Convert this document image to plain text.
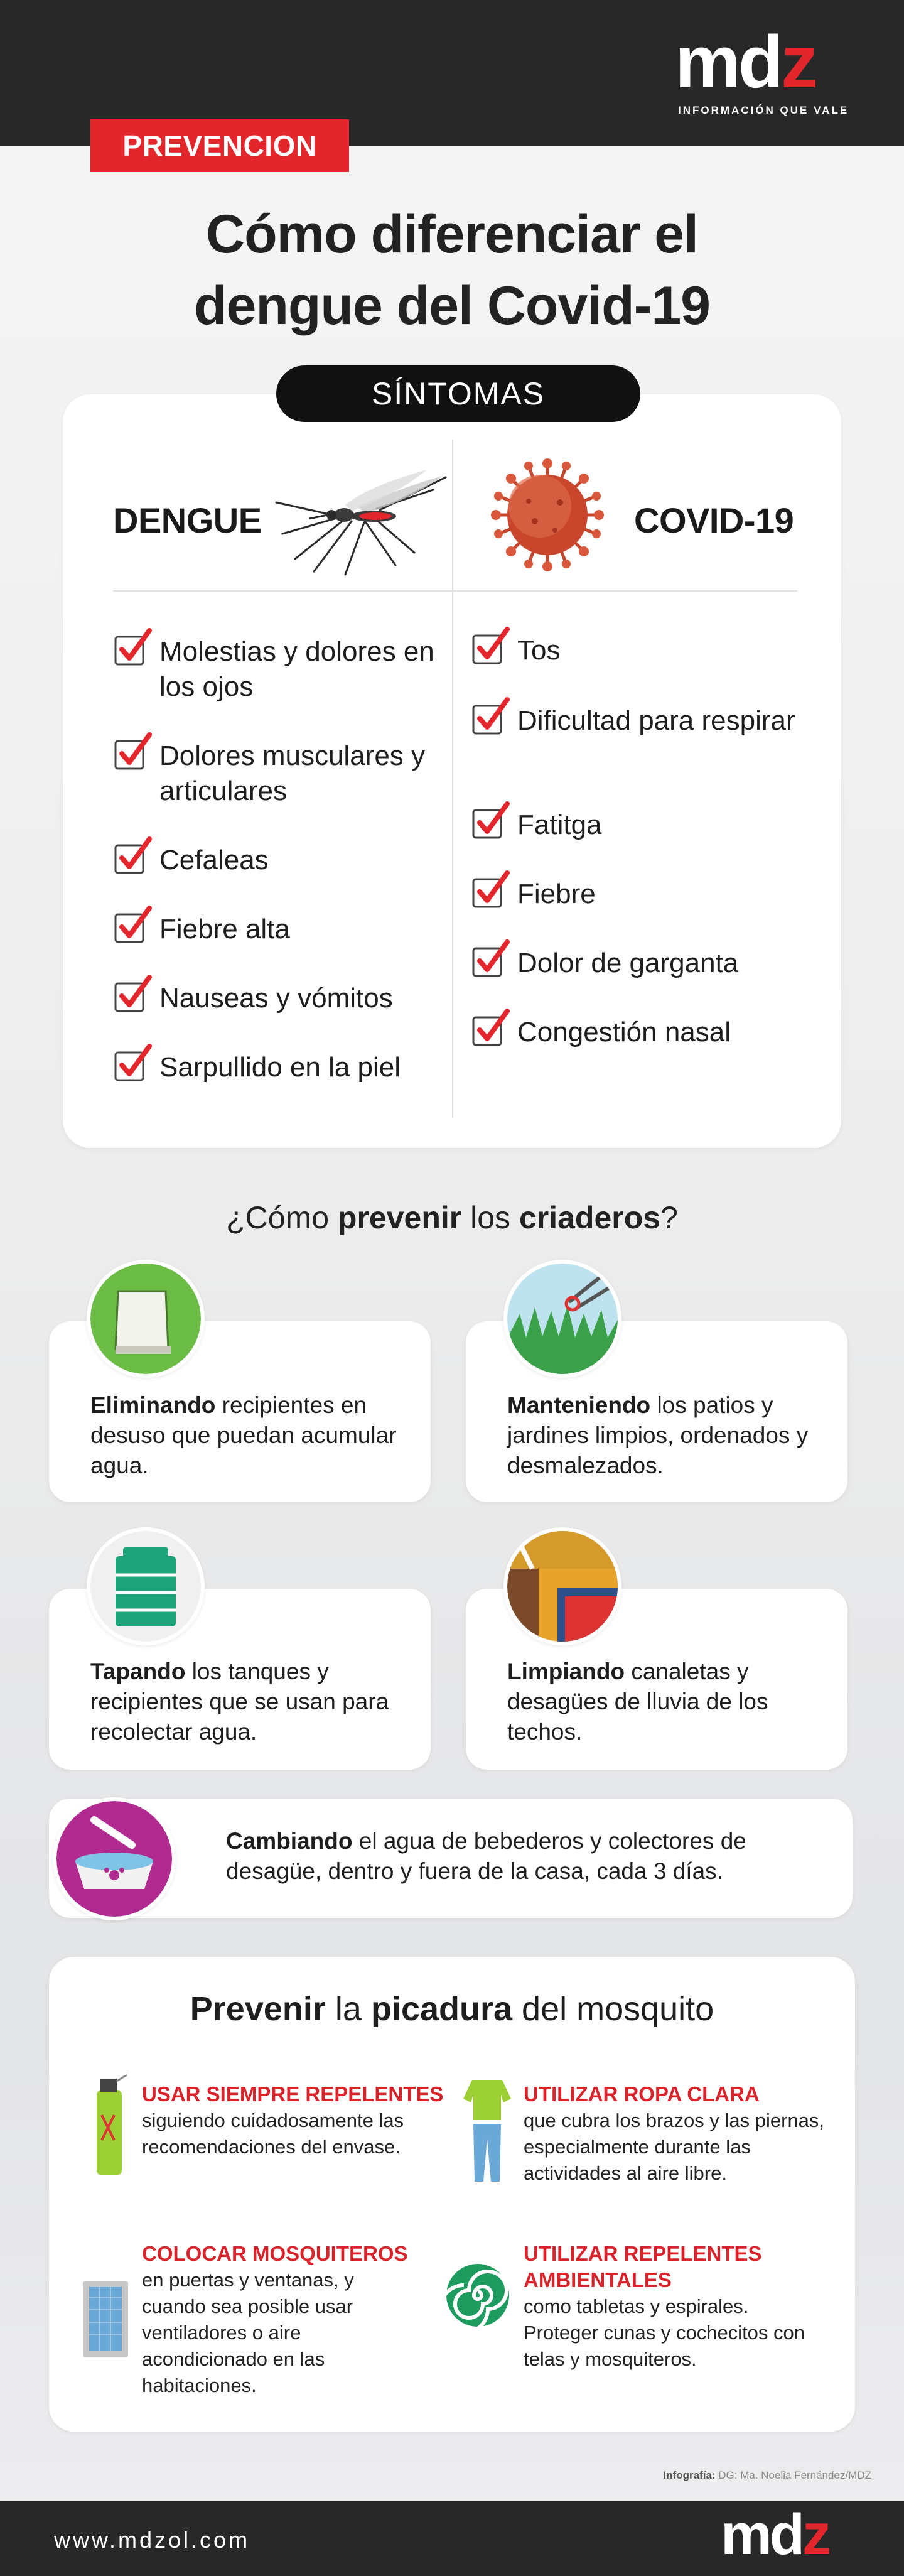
mdz
INFORMACIÓN QUE VALE
PREVENCION
Cómo diferenciar el
dengue del Covid-19
SÍNTOMAS
DENGUE	COVID-19
Molestias y dolores en los ojos
Dolores musculares y articulares
Cefaleas
Fiebre alta
Nauseas y vómitos
Sarpullido en la piel
Tos
Dificultad para respirar
Fatitga
Fiebre
Dolor de garganta
Congestión nasal
¿Cómo prevenir los criaderos?
Eliminando recipientes en desuso que puedan acumular agua.
Manteniendo los patios y jardines limpios, ordenados y desmalezados.
Tapando los tanques y recipientes que se usan para recolectar agua.
Limpiando canaletas y desagües de lluvia de los techos.
Cambiando el agua de bebederos y colectores de desagüe, dentro y fuera de la casa, cada 3 días.
Prevenir la picadura del mosquito
USAR SIEMPRE REPELENTES
siguiendo cuidadosamente las recomendaciones del envase.
UTILIZAR ROPA CLARA
que cubra los brazos y las piernas, especialmente durante las actividades al aire libre.
COLOCAR MOSQUITEROS
en puertas y ventanas, y cuando sea posible usar ventiladores o aire acondicionado en las habitaciones.
UTILIZAR REPELENTES AMBIENTALES
como tabletas y espirales. Proteger cunas y cochecitos con telas y mosquiteros.
Infografía: DG: Ma. Noelia Fernández/MDZ
www.mdzol.com	mdz
